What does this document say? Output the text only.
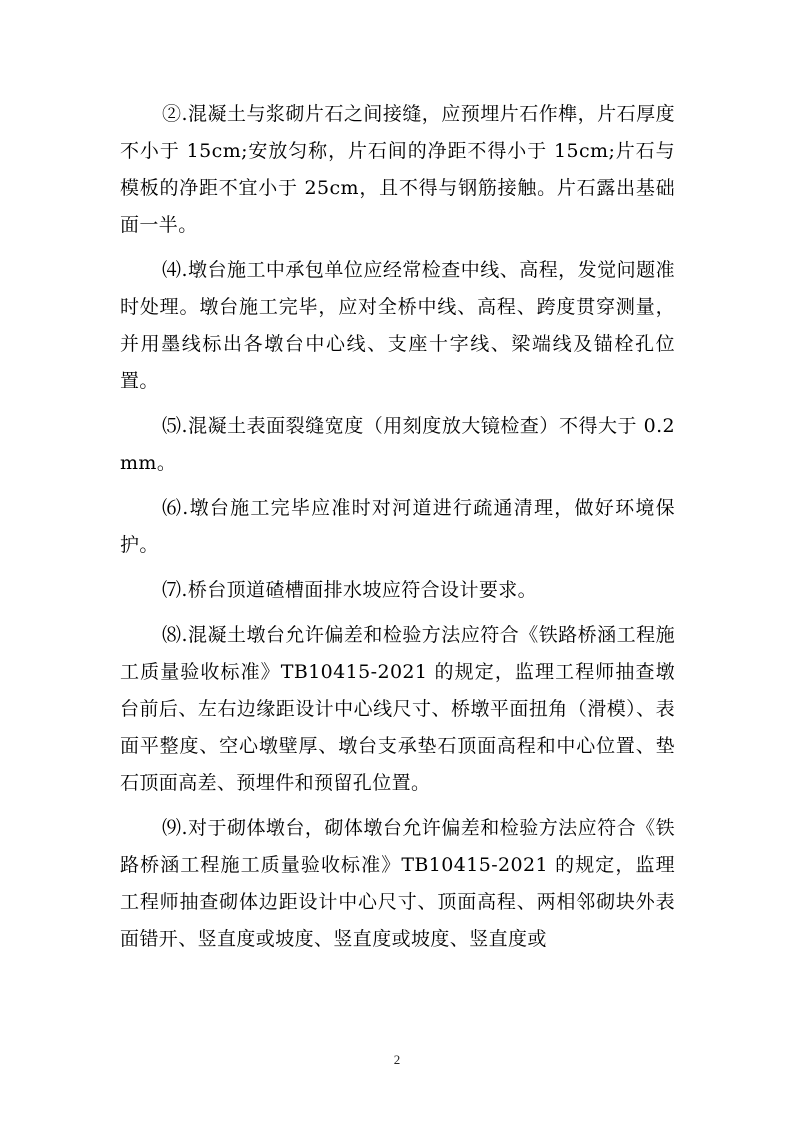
②.混凝土与浆砌片石之间接缝，应预埋片石作榫，片石厚度不小于 15cm;安放匀称，片石间的净距不得小于 15cm;片石与模板的净距不宜小于 25cm，且不得与钢筋接触。片石露出基础面一半。

⑷.墩台施工中承包单位应经常检查中线、高程，发觉问题准时处理。墩台施工完毕，应对全桥中线、高程、跨度贯穿测量，并用墨线标出各墩台中心线、支座十字线、梁端线及锚栓孔位置。

⑸.混凝土表面裂缝宽度（用刻度放大镜检查）不得大于 0.2mm。

⑹.墩台施工完毕应准时对河道进行疏通清理，做好环境保护。

⑺.桥台顶道碴槽面排水坡应符合设计要求。

⑻.混凝土墩台允许偏差和检验方法应符合《铁路桥涵工程施工质量验收标准》TB10415-2021 的规定，监理工程师抽查墩台前后、左右边缘距设计中心线尺寸、桥墩平面扭角（滑模）、表面平整度、空心墩壁厚、墩台支承垫石顶面高程和中心位置、垫石顶面高差、预埋件和预留孔位置。

⑼.对于砌体墩台，砌体墩台允许偏差和检验方法应符合《铁路桥涵工程施工质量验收标准》TB10415-2021 的规定，监理工程师抽查砌体边距设计中心尺寸、顶面高程、两相邻砌块外表面错开、竖直度或坡度、竖直度或坡度、竖直度或

2
